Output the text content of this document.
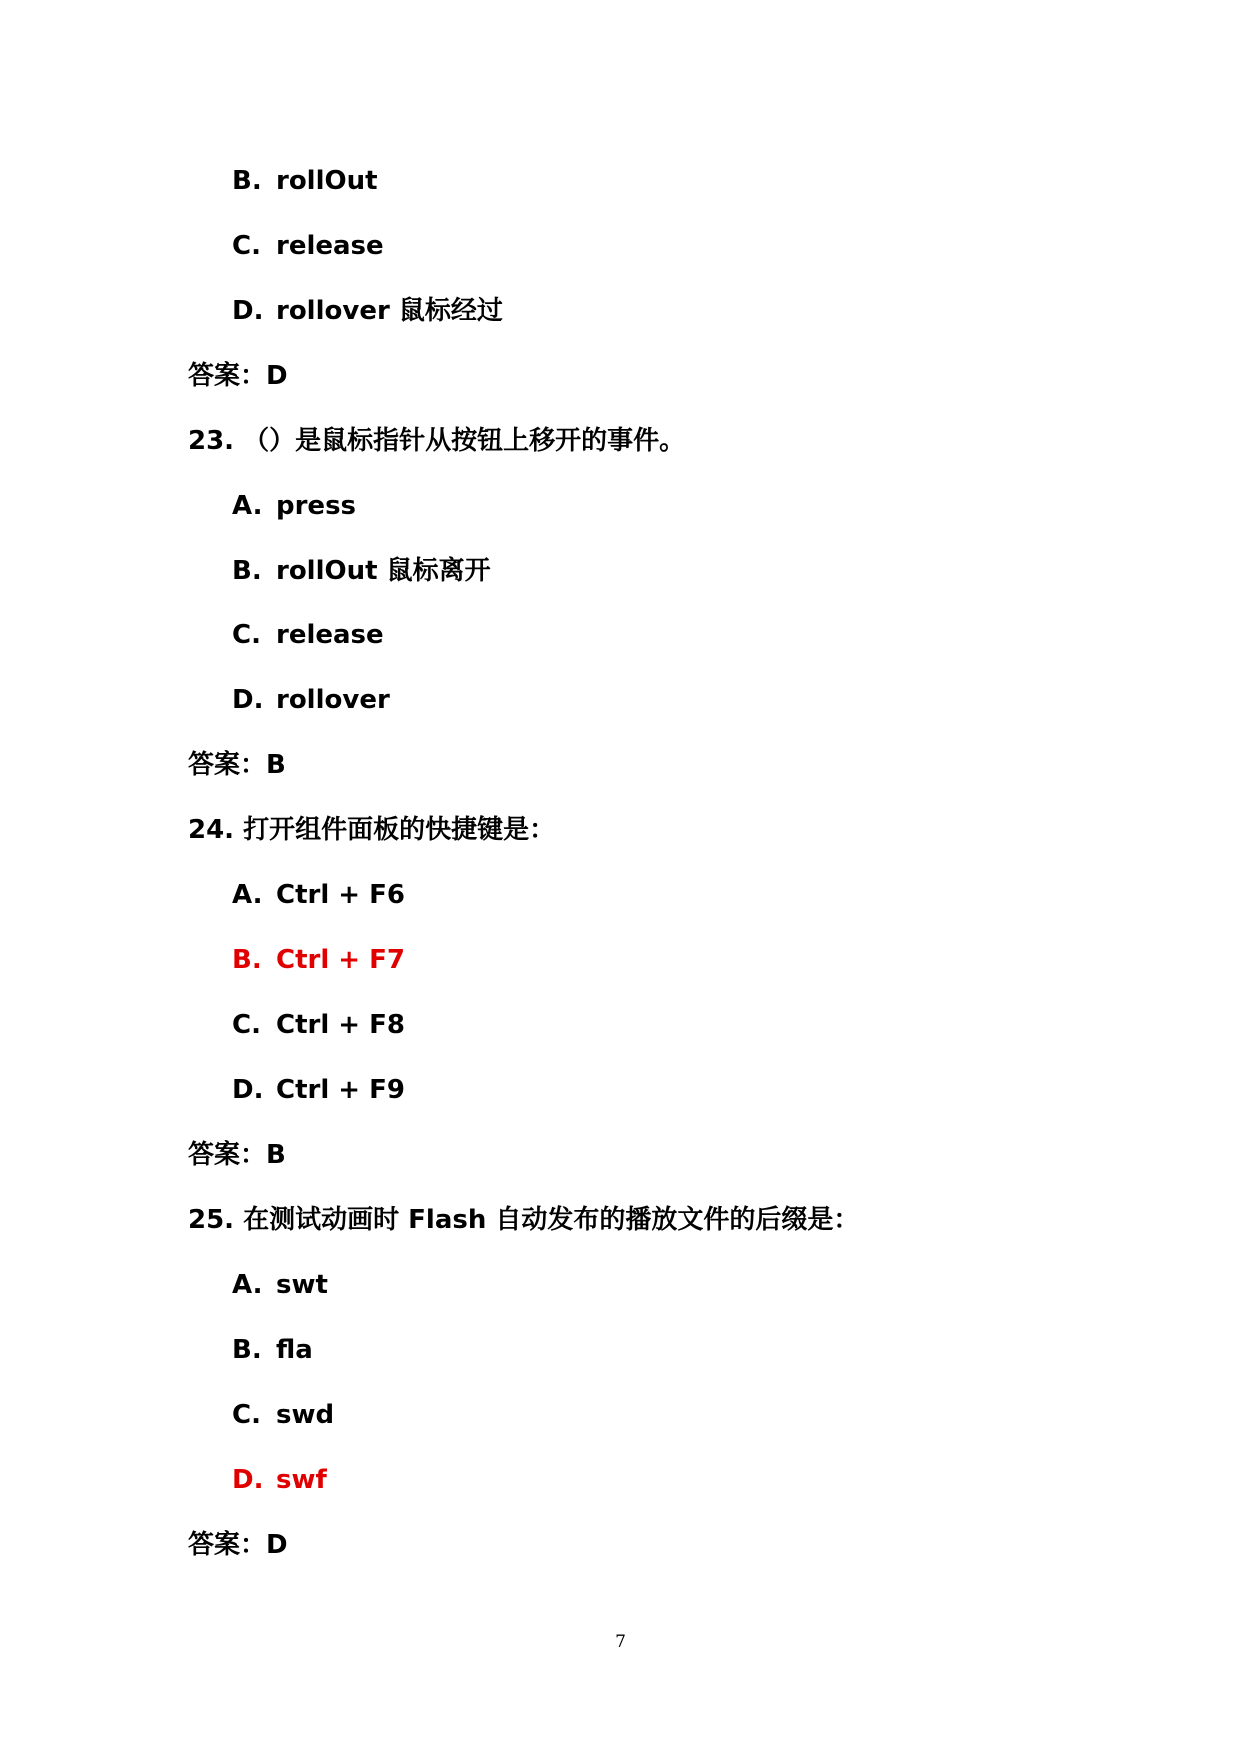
B. rollOut
C. release
D. rollover 鼠标经过
答案：D
23. （）是鼠标指针从按钮上移开的事件。
A. press
B. rollOut 鼠标离开
C. release
D. rollover
答案：B
24. 打开组件面板的快捷键是：
A. Ctrl + F6
B. Ctrl + F7
C. Ctrl + F8
D. Ctrl + F9
答案：B
25. 在测试动画时 Flash 自动发布的播放文件的后缀是：
A. swt
B. fla
C. swd
D. swf
答案：D
7
